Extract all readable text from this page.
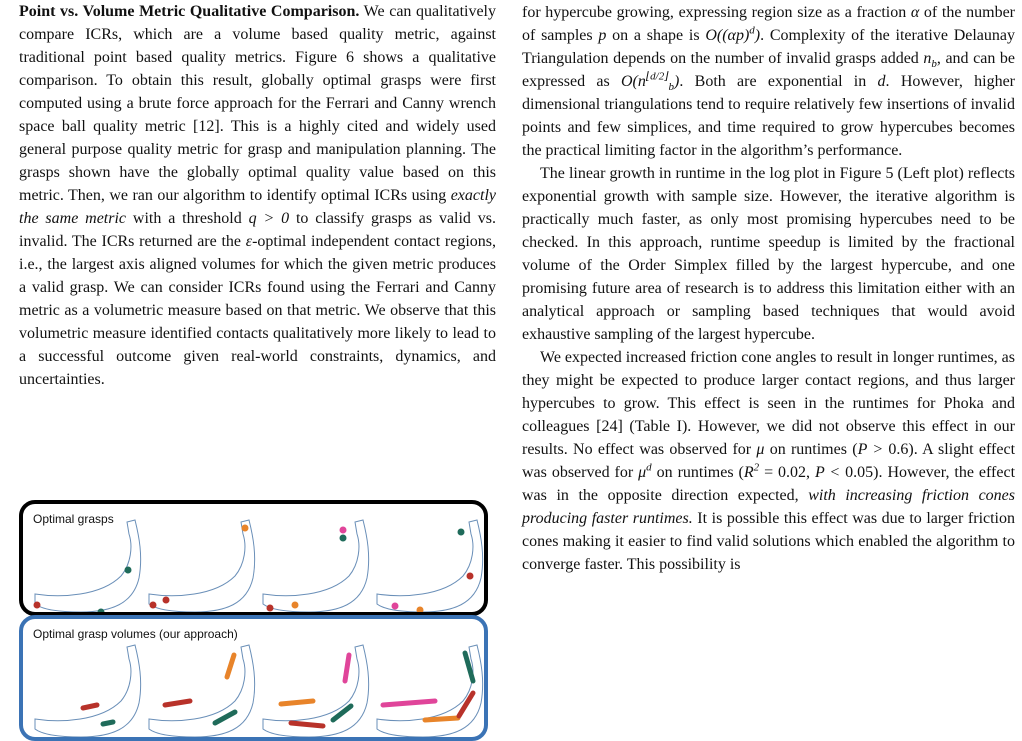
Point vs. Volume Metric Qualitative Comparison. We can qualitatively compare ICRs, which are a volume based quality metric, against traditional point based quality metrics. Figure 6 shows a qualitative comparison. To obtain this result, globally optimal grasps were first computed using a brute force approach for the Ferrari and Canny wrench space ball quality metric [12]. This is a highly cited and widely used general purpose quality metric for grasp and manipulation planning. The grasps shown have the globally optimal quality value based on this metric. Then, we ran our algorithm to identify optimal ICRs using exactly the same metric with a threshold q > 0 to classify grasps as valid vs. invalid. The ICRs returned are the ε-optimal independent contact regions, i.e., the largest axis aligned volumes for which the given metric produces a valid grasp. We can consider ICRs found using the Ferrari and Canny metric as a volumetric measure based on that metric. We observe that this volumetric measure identified contacts qualitatively more likely to lead to a successful outcome given real-world constraints, dynamics, and uncertainties.

Optimal grasps
Optimal grasp volumes (our approach)

for hypercube growing, expressing region size as a fraction α of the number of samples p on a shape is $O((\alpha p)^d)$. Complexity of the iterative Delaunay Triangulation depends on the number of invalid grasps added $n_b$, and can be expressed as $O(n^{⌊d/2⌋}_b)$. Both are exponential in d. However, higher dimensional triangulations tend to require relatively few insertions of invalid points and few simplices, and time required to grow hypercubes becomes the practical limiting factor in the algorithm’s performance.

The linear growth in runtime in the log plot in Figure 5 (Left plot) reflects exponential growth with sample size. However, the iterative algorithm is practically much faster, as only most promising hypercubes need to be checked. In this approach, runtime speedup is limited by the fractional volume of the Order Simplex filled by the largest hypercube, and one promising future area of research is to address this limitation either with an analytical approach or sampling based techniques that would avoid exhaustive sampling of the largest hypercube.

We expected increased friction cone angles to result in longer runtimes, as they might be expected to produce larger contact regions, and thus larger hypercubes to grow. This effect is seen in the runtimes for Phoka and colleagues [24] (Table I). However, we did not observe this effect in our results. No effect was observed for μ on runtimes (P > 0.6). A slight effect was observed for $\mu^d$ on runtimes ($R^2 = 0.02$, P < 0.05). However, the effect was in the opposite direction expected, with increasing friction cones producing faster runtimes. It is possible this effect was due to larger friction cones making it easier to find valid solutions which enabled the algorithm to converge faster. This possibility is
